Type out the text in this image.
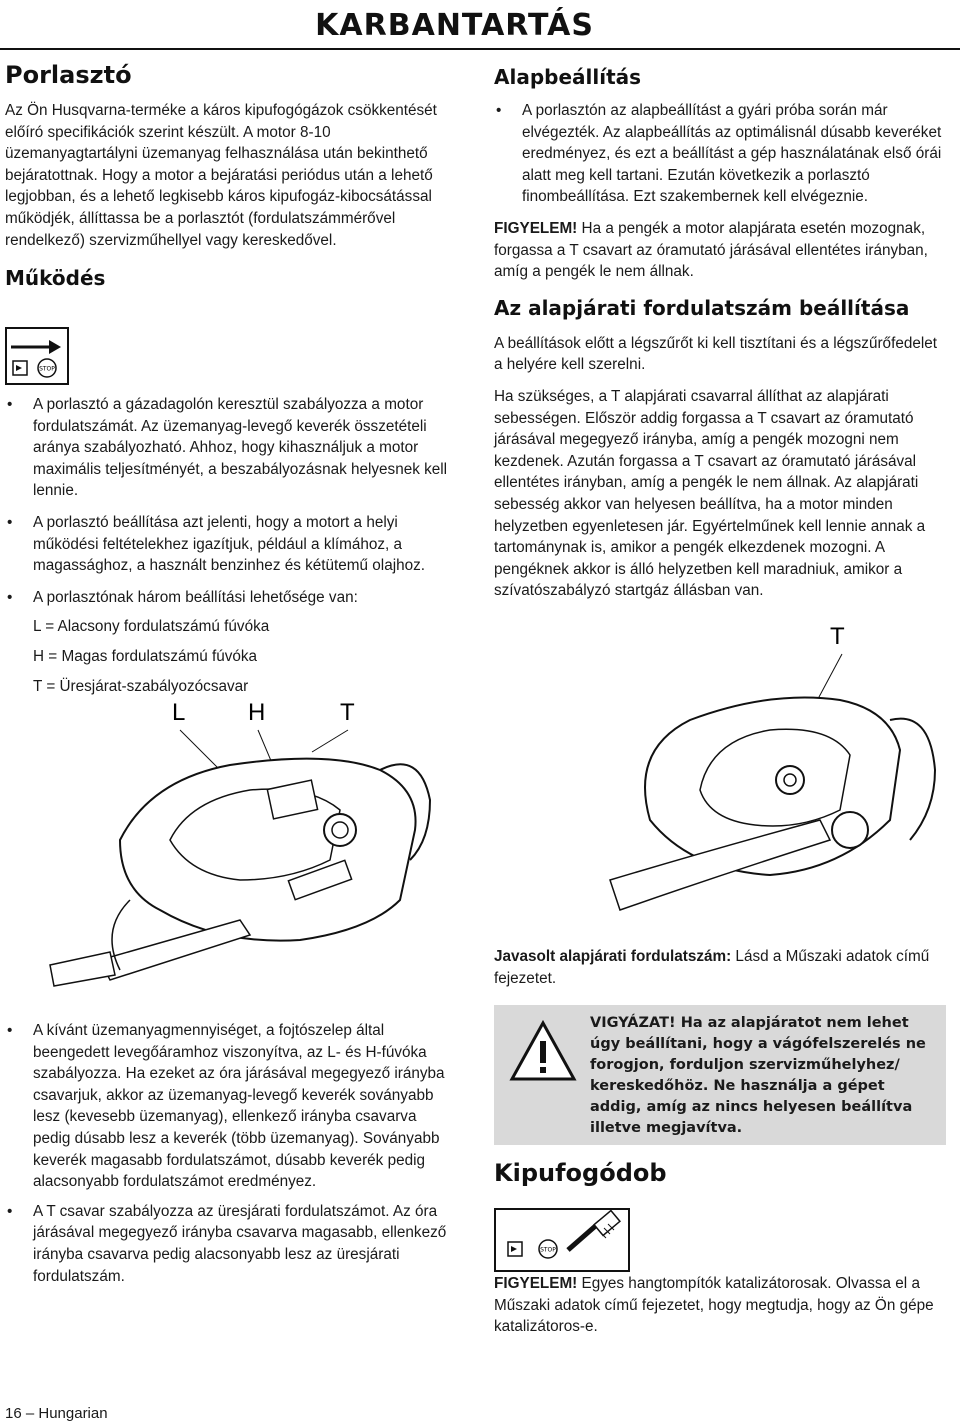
KARBANTARTÁS
Porlasztó

Az Ön Husqvarna-terméke a káros kipufogógázok csökkentését előíró specifikációk szerint készült. A motor 8-10 üzemanyagtartályni üzemanyag felhasználása után bekinthető bejáratottnak. Hogy a motor a bejáratási periódus után a lehető legjobban, és a lehető legkisebb káros kipufogáz-kibocsátással működjék, állíttassa be a porlasztót (fordulatszámmérővel rendelkező) szervizműhellyel vagy kereskedővel.

Működés
STOP
• A porlasztó a gázadagolón keresztül szabályozza a motor fordulatszámát. Az üzemanyag-levegő keverék összetételi aránya szabályozható. Ahhoz, hogy kihasználjuk a motor maximális teljesítményét, a beszabályozásnak helyesnek kell lennie.
• A porlasztó beállítása azt jelenti, hogy a motort a helyi működési feltételekhez igazítjuk, például a klímához, a magassághoz, a használt benzinhez és kétütemű olajhoz.
• A porlasztónak három beállítási lehetősége van:
L = Alacsony fordulatszámú fúvóka
H = Magas fordulatszámú fúvóka
T = Üresjárat-szabályozócsavar
L	H	T
• A kívánt üzemanyagmennyiséget, a fojtószelep által beengedett levegőáramhoz viszonyítva, az L- és H-fúvóka szabályozza. Ha ezeket az óra járásával megegyező irányba csavarjuk, akkor az üzemanyag-levegő keverék soványabb lesz (kevesebb üzemanyag), ellenkező irányba csavarva pedig dúsabb lesz a keverék (több üzemanyag). Soványabb keverék magasabb fordulatszámot, dúsabb keverék pedig alacsonyabb fordulatszámot eredményez.
• A T csavar szabályozza az üresjárati fordulatszámot. Az óra járásával megegyező irányba csavarva magasabb, ellenkező irányba csavarva pedig alacsonyabb lesz az üresjárati fordulatszám.
Alapbeállítás
• A porlasztón az alapbeállítást a gyári próba során már elvégezték. Az alapbeállítás az optimálisnál dúsabb keveréket eredményez, és ezt a beállítást a gép használatának első órái alatt meg kell tartani. Ezután következik a porlasztó finombeállítása. Ezt szakembernek kell elvégeznie.

FIGYELEM! Ha a pengék a motor alapjárata esetén mozognak, forgassa a T csavart az óramutató járásával ellentétes irányban, amíg a pengék le nem állnak.

Az alapjárati fordulatszám beállítása

A beállítások előtt a légszűrőt ki kell tisztítani és a légszűrőfedelet a helyére kell szerelni.

Ha szükséges, a T alapjárati csavarral állíthat az alapjárati sebességen. Először addig forgassa a T csavart az óramutató járásával megegyező irányba, amíg a pengék mozogni nem kezdenek. Azután forgassa a T csavart az óramutató járásával ellentétes irányban, amíg a pengék le nem állnak. Az alapjárati sebesség akkor van helyesen beállítva, ha a motor minden helyzetben egyenletesen jár. Egyértelműnek kell lennie annak a tartománynak is, amikor a pengék elkezdenek mozogni. A pengéknek akkor is álló helyzetben kell maradniuk, amikor a szívatószabályzó startgáz állásban van.

T

Javasolt alapjárati fordulatszám: Lásd a Műszaki adatok című fejezetet.

VIGYÁZAT! Ha az alapjáratot nem lehet úgy beállítani, hogy a vágófelszerelés ne forogjon, forduljon szervizműhelyhez/ kereskedőhöz. Ne használja a gépet addig, amíg az nincs helyesen beállítva illetve megjavítva.
Kipufogódob
STOP

FIGYELEM! Egyes hangtompítók katalizátorosak. Olvassa el a Műszaki adatok című fejezetet, hogy megtudja, hogy az Ön gépe katalizátoros-e.

16 – Hungarian
